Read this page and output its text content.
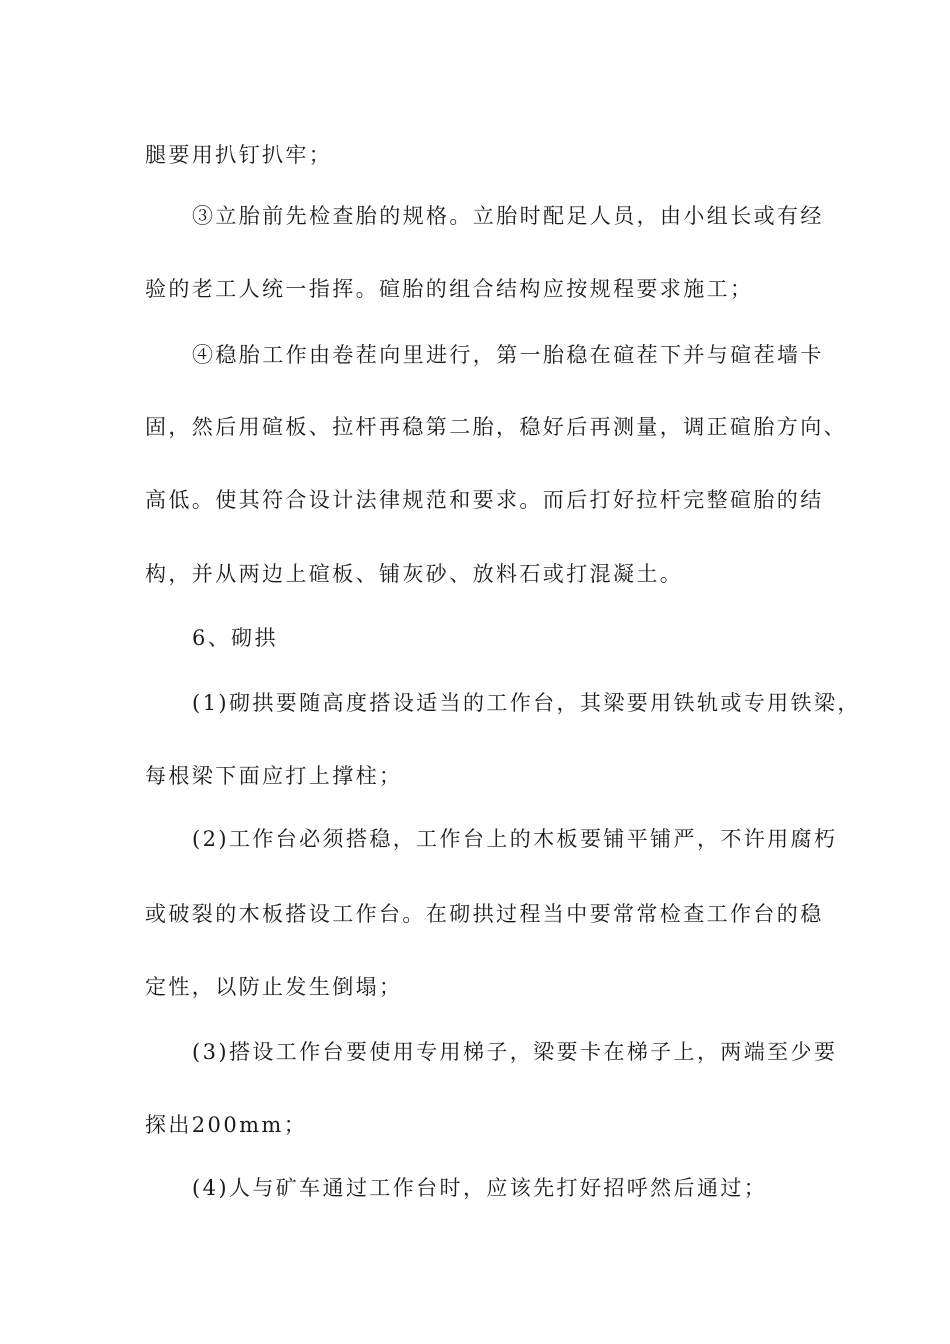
腿要用扒钉扒牢；
③立胎前先检查胎的规格。立胎时配足人员，由小组长或有经
验的老工人统一指挥。碹胎的组合结构应按规程要求施工；
④稳胎工作由卷茬向里进行，第一胎稳在碹茬下并与碹茬墙卡
固，然后用碹板、拉杆再稳第二胎，稳好后再测量，调正碹胎方向、
高低。使其符合设计法律规范和要求。而后打好拉杆完整碹胎的结
构，并从两边上碹板、铺灰砂、放料石或打混凝土。
6、砌拱
(1)砌拱要随高度搭设适当的工作台，其梁要用铁轨或专用铁梁，
每根梁下面应打上撑柱；
(2)工作台必须搭稳，工作台上的木板要铺平铺严，不许用腐朽
或破裂的木板搭设工作台。在砌拱过程当中要常常检查工作台的稳
定性，以防止发生倒塌；
(3)搭设工作台要使用专用梯子，梁要卡在梯子上，两端至少要
探出200mm；
(4)人与矿车通过工作台时，应该先打好招呼然后通过；
